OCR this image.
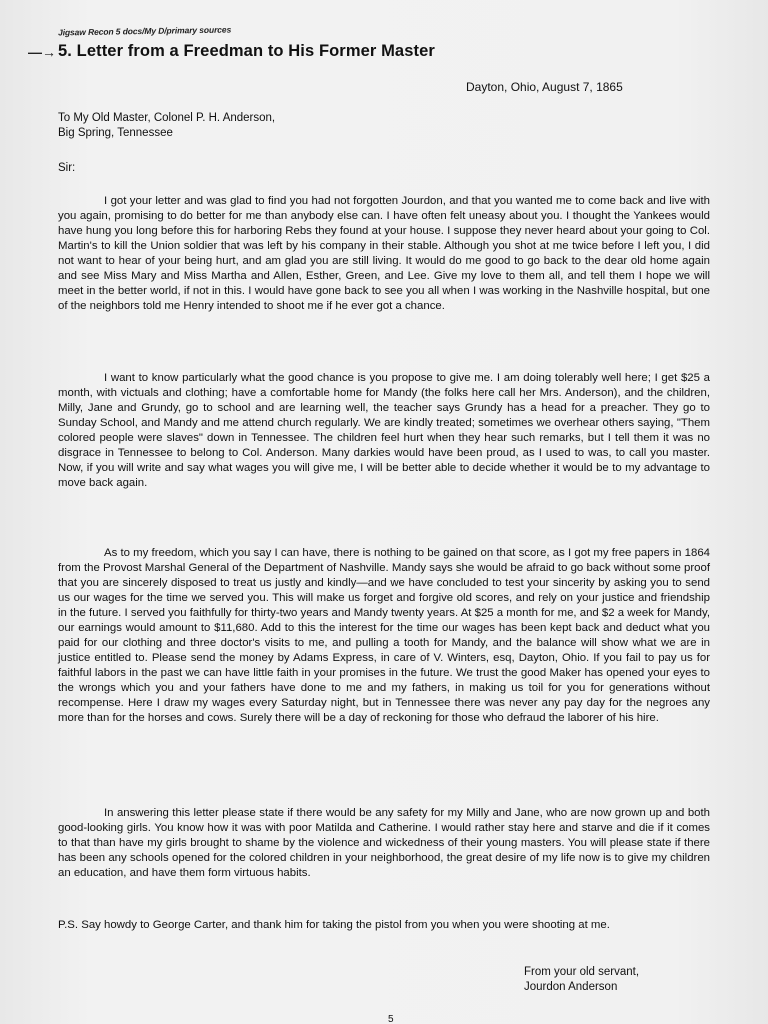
Jigsaw Recon 5 docs/My D/primary sources
—→ 5. Letter from a Freedman to His Former Master
Dayton, Ohio, August 7, 1865
To My Old Master, Colonel P. H. Anderson,
Big Spring, Tennessee
Sir:

I got your letter and was glad to find you had not forgotten Jourdon, and that you wanted me to come back and live with you again, promising to do better for me than anybody else can. I have often felt uneasy about you. I thought the Yankees would have hung you long before this for harboring Rebs they found at your house. I suppose they never heard about your going to Col. Martin's to kill the Union soldier that was left by his company in their stable. Although you shot at me twice before I left you, I did not want to hear of your being hurt, and am glad you are still living. It would do me good to go back to the dear old home again and see Miss Mary and Miss Martha and Allen, Esther, Green, and Lee. Give my love to them all, and tell them I hope we will meet in the better world, if not in this. I would have gone back to see you all when I was working in the Nashville hospital, but one of the neighbors told me Henry intended to shoot me if he ever got a chance.

I want to know particularly what the good chance is you propose to give me. I am doing tolerably well here; I get $25 a month, with victuals and clothing; have a comfortable home for Mandy (the folks here call her Mrs. Anderson), and the children, Milly, Jane and Grundy, go to school and are learning well, the teacher says Grundy has a head for a preacher. They go to Sunday School, and Mandy and me attend church regularly. We are kindly treated; sometimes we overhear others saying, "Them colored people were slaves" down in Tennessee. The children feel hurt when they hear such remarks, but I tell them it was no disgrace in Tennessee to belong to Col. Anderson. Many darkies would have been proud, as I used to was, to call you master. Now, if you will write and say what wages you will give me, I will be better able to decide whether it would be to my advantage to move back again.

As to my freedom, which you say I can have, there is nothing to be gained on that score, as I got my free papers in 1864 from the Provost Marshal General of the Department of Nashville. Mandy says she would be afraid to go back without some proof that you are sincerely disposed to treat us justly and kindly—and we have concluded to test your sincerity by asking you to send us our wages for the time we served you. This will make us forget and forgive old scores, and rely on your justice and friendship in the future. I served you faithfully for thirty-two years and Mandy twenty years. At $25 a month for me, and $2 a week for Mandy, our earnings would amount to $11,680. Add to this the interest for the time our wages has been kept back and deduct what you paid for our clothing and three doctor's visits to me, and pulling a tooth for Mandy, and the balance will show what we are in justice entitled to. Please send the money by Adams Express, in care of V. Winters, esq, Dayton, Ohio. If you fail to pay us for faithful labors in the past we can have little faith in your promises in the future. We trust the good Maker has opened your eyes to the wrongs which you and your fathers have done to me and my fathers, in making us toil for you for generations without recompense. Here I draw my wages every Saturday night, but in Tennessee there was never any pay day for the negroes any more than for the horses and cows. Surely there will be a day of reckoning for those who defraud the laborer of his hire.

In answering this letter please state if there would be any safety for my Milly and Jane, who are now grown up and both good-looking girls. You know how it was with poor Matilda and Catherine. I would rather stay here and starve and die if it comes to that than have my girls brought to shame by the violence and wickedness of their young masters. You will please state if there has been any schools opened for the colored children in your neighborhood, the great desire of my life now is to give my children an education, and have them form virtuous habits.

P.S. Say howdy to George Carter, and thank him for taking the pistol from you when you were shooting at me.

From your old servant,
Jourdon Anderson
5
